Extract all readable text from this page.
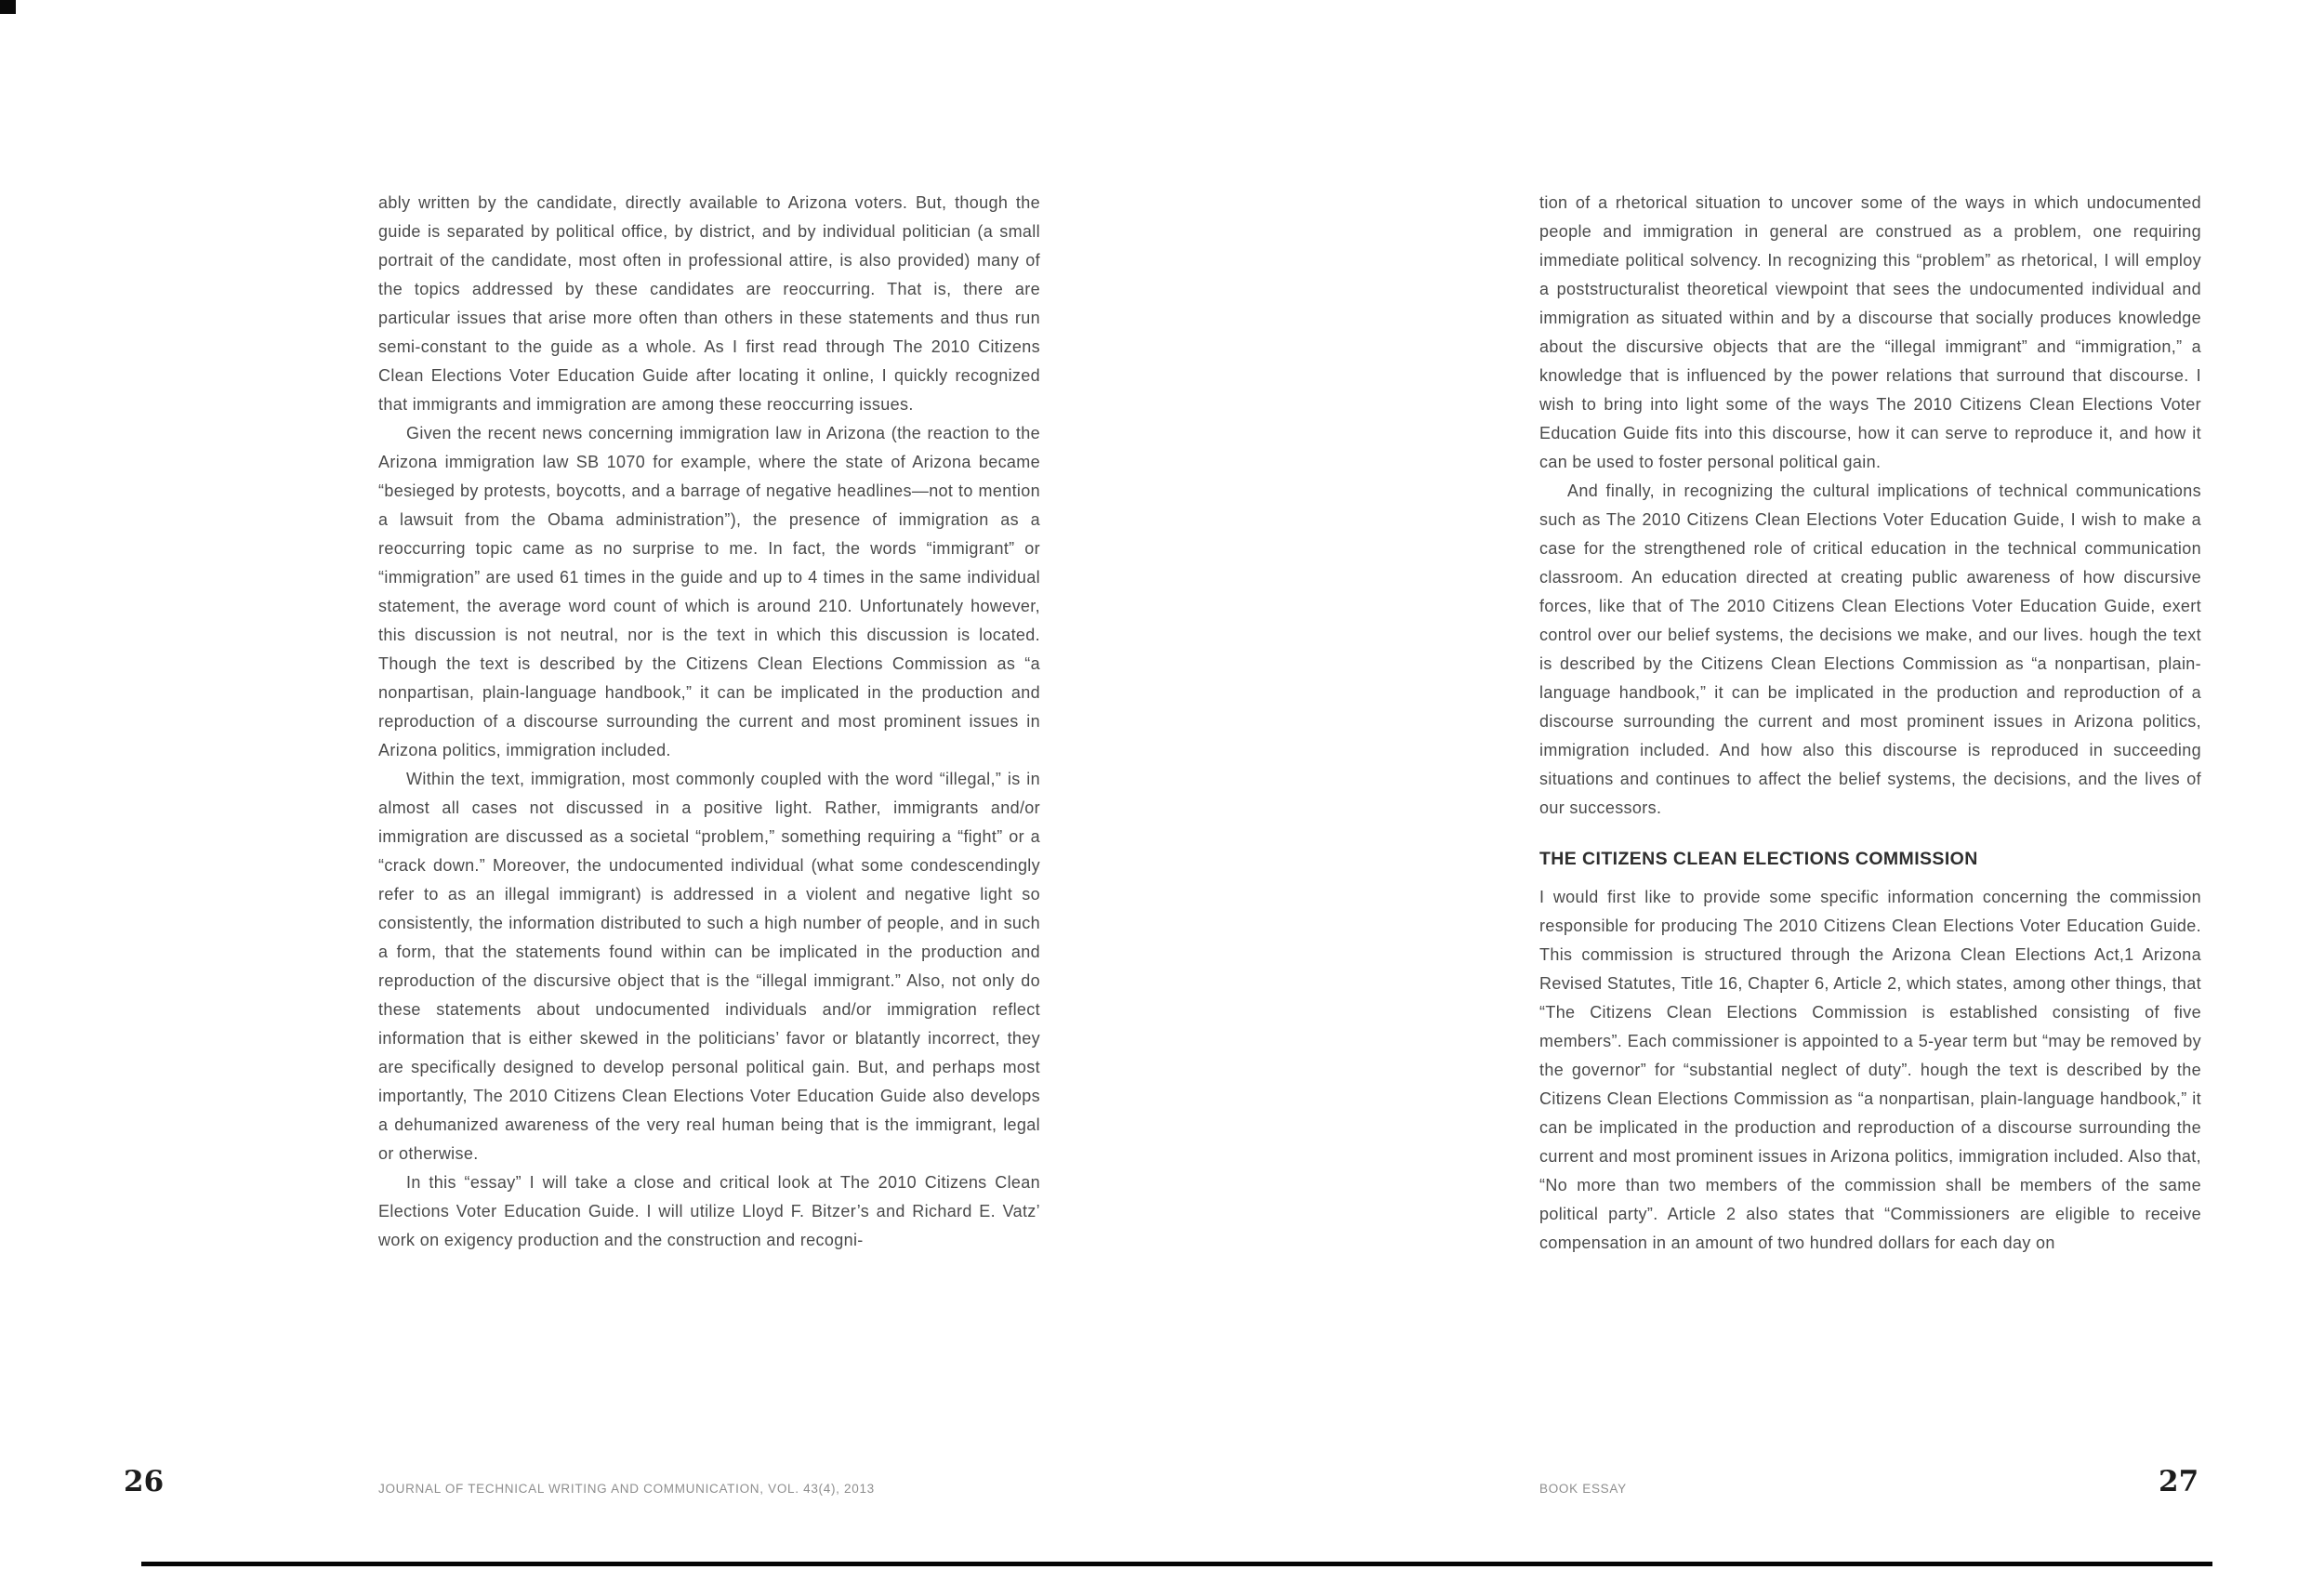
ably written by the candidate, directly available to Arizona voters. But, though the guide is separated by political office, by district, and by individual politician (a small portrait of the candidate, most often in professional attire, is also provided) many of the topics addressed by these candidates are reoccurring. That is, there are particular issues that arise more often than others in these statements and thus run semi-constant to the guide as a whole. As I first read through The 2010 Citizens Clean Elections Voter Education Guide after locating it online, I quickly recognized that immigrants and immigration are among these reoccurring issues.

Given the recent news concerning immigration law in Arizona (the reaction to the Arizona immigration law SB 1070 for example, where the state of Arizona became “besieged by protests, boycotts, and a barrage of negative headlines—not to mention a lawsuit from the Obama administration”), the presence of immigration as a reoccurring topic came as no surprise to me. In fact, the words “immigrant” or “immigration” are used 61 times in the guide and up to 4 times in the same individual statement, the average word count of which is around 210. Unfortunately however, this discussion is not neutral, nor is the text in which this discussion is located. Though the text is described by the Citizens Clean Elections Commission as “a nonpartisan, plain-language handbook,” it can be implicated in the production and reproduction of a discourse surrounding the current and most prominent issues in Arizona politics, immigration included.

Within the text, immigration, most commonly coupled with the word “illegal,” is in almost all cases not discussed in a positive light. Rather, immigrants and/or immigration are discussed as a societal “problem,” something requiring a “fight” or a “crack down.” Moreover, the undocumented individual (what some condescendingly refer to as an illegal immigrant) is addressed in a violent and negative light so consistently, the information distributed to such a high number of people, and in such a form, that the statements found within can be implicated in the production and reproduction of the discursive object that is the “illegal immigrant.” Also, not only do these statements about undocumented individuals and/or immigration reflect information that is either skewed in the politicians’ favor or blatantly incorrect, they are specifically designed to develop personal political gain. But, and perhaps most importantly, The 2010 Citizens Clean Elections Voter Education Guide also develops a dehumanized awareness of the very real human being that is the immigrant, legal or otherwise.

In this “essay” I will take a close and critical look at The 2010 Citizens Clean Elections Voter Education Guide. I will utilize Lloyd F. Bitzer’s and Richard E. Vatz’ work on exigency production and the construction and recogni-

26	JOURNAL OF TECHNICAL WRITING AND COMMUNICATION, VOL. 43(4), 2013

tion of a rhetorical situation to uncover some of the ways in which undocumented people and immigration in general are construed as a problem, one requiring immediate political solvency. In recognizing this “problem” as rhetorical, I will employ a poststructuralist theoretical viewpoint that sees the undocumented individual and immigration as situated within and by a discourse that socially produces knowledge about the discursive objects that are the “illegal immigrant” and “immigration,” a knowledge that is influenced by the power relations that surround that discourse. I wish to bring into light some of the ways The 2010 Citizens Clean Elections Voter Education Guide fits into this discourse, how it can serve to reproduce it, and how it can be used to foster personal political gain.

And finally, in recognizing the cultural implications of technical communications such as The 2010 Citizens Clean Elections Voter Education Guide, I wish to make a case for the strengthened role of critical education in the technical communication classroom. An education directed at creating public awareness of how discursive forces, like that of The 2010 Citizens Clean Elections Voter Education Guide, exert control over our belief systems, the decisions we make, and our lives. hough the text is described by the Citizens Clean Elections Commission as “a nonpartisan, plain-language handbook,” it can be implicated in the production and reproduction of a discourse surrounding the current and most prominent issues in Arizona politics, immigration included. And how also this discourse is reproduced in succeeding situations and continues to affect the belief systems, the decisions, and the lives of our successors.

THE CITIZENS CLEAN ELECTIONS COMMISSION

I would first like to provide some specific information concerning the commission responsible for producing The 2010 Citizens Clean Elections Voter Education Guide. This commission is structured through the Arizona Clean Elections Act,1 Arizona Revised Statutes, Title 16, Chapter 6, Article 2, which states, among other things, that “The Citizens Clean Elections Commission is established consisting of five members”. Each commissioner is appointed to a 5-year term but “may be removed by the governor” for “substantial neglect of duty”. hough the text is described by the Citizens Clean Elections Commission as “a nonpartisan, plain-language handbook,” it can be implicated in the production and reproduction of a discourse surrounding the current and most prominent issues in Arizona politics, immigration included. Also that, “No more than two members of the commission shall be members of the same political party”. Article 2 also states that “Commissioners are eligible to receive compensation in an amount of two hundred dollars for each day on

BOOK ESSAY	27
